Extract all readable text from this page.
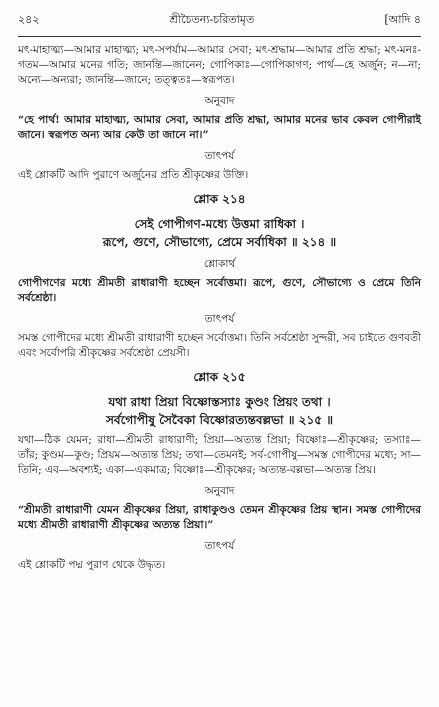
২৪২	শ্রীচৈতন্য-চরিতামৃত	[আদি ৪

মৎ-মাহাত্ম্য—আমার মাহাত্ম্য; মৎ-সপর্যাম—আমার সেবা; মৎ-শ্রদ্ধাম—আমার প্রতি শ্রদ্ধা; মৎ-মনঃ-গতম—আমার মনের গতি; জানন্তি—জানেন; গোপিকাঃ—গোপিকাগণ; পার্থ—হে অর্জুন; ন—না; অন্যে—অন্যরা; জানন্তি—জানে; তত্ত্বতঃ—স্বরূপত।

অনুবাদ

“হে পার্থ! আমার মাহাত্ম্য, আমার সেবা, আমার প্রতি শ্রদ্ধা, আমার মনের ভাব কেবল গোপীরাই জানে। স্বরূপত অন্য আর কেউ তা জানে না।”

তাৎপর্য

এই শ্লোকটি আদি পুরাণে অর্জুনের প্রতি শ্রীকৃষ্ণের উক্তি।

শ্লোক ২১৪

সেই গোপীগণ-মধ্যে উত্তমা রাধিকা ।

রূপে, গুণে, সৌভাগ্যে, প্রেমে সর্বাধিকা ॥ ২১৪ ॥

শ্লোকার্থ

গোপীগণের মধ্যে শ্রীমতী রাধারাণী হচ্ছেন সর্বোত্তমা। রূপে, গুণে, সৌভাগ্যে ও প্রেমে তিনি সর্বশ্রেষ্ঠা।

তাৎপর্য

সমস্ত গোপীদের মধ্যে শ্রীমতী রাধারাণী হচ্ছেন সর্বোত্তমা। তিনি সর্বশ্রেষ্ঠা সুন্দরী, সব চাইতে গুণবতী এবং সর্বোপরি শ্রীকৃষ্ণের সর্বশ্রেষ্ঠা প্রেয়সী।

শ্লোক ২১৫

যথা রাধা প্রিয়া বিষ্ণোস্তস্যাঃ কুণ্ডং প্রিয়ং তথা ।

সর্বগোপীষু সৈবৈকা বিষ্ণোরত্যন্তবল্লভা ॥ ২১৫ ॥

যথা—ঠিক যেমন; রাধা—শ্রীমতী রাধারাণী; প্রিয়া—অত্যন্ত প্রিয়া; বিষ্ণোঃ—শ্রীকৃষ্ণের; তস্যাঃ—তাঁর; কুণ্ডম—কুণ্ড; প্রিয়ম—অত্যন্ত প্রিয়; তথা—তেমনই; সর্ব-গোপীষু—সমস্ত গোপীদের মধ্যে; সা—তিনি; এব—অবশ্যই; একা—একমাত্র; বিষ্ণোঃ—শ্রীকৃষ্ণের; অত্যন্ত-বল্লভা—অত্যন্ত প্রিয়।

অনুবাদ

“শ্রীমতী রাধারাণী যেমন শ্রীকৃষ্ণের প্রিয়া, রাধাকুণ্ডও তেমন শ্রীকৃষ্ণের প্রিয় স্থান। সমস্ত গোপীদের মধ্যে শ্রীমতী রাধারাণী শ্রীকৃষ্ণের অত্যন্ত প্রিয়া।”

তাৎপর্য

এই শ্লোকটি পদ্ম পুরাণ থেকে উদ্ধৃত।
